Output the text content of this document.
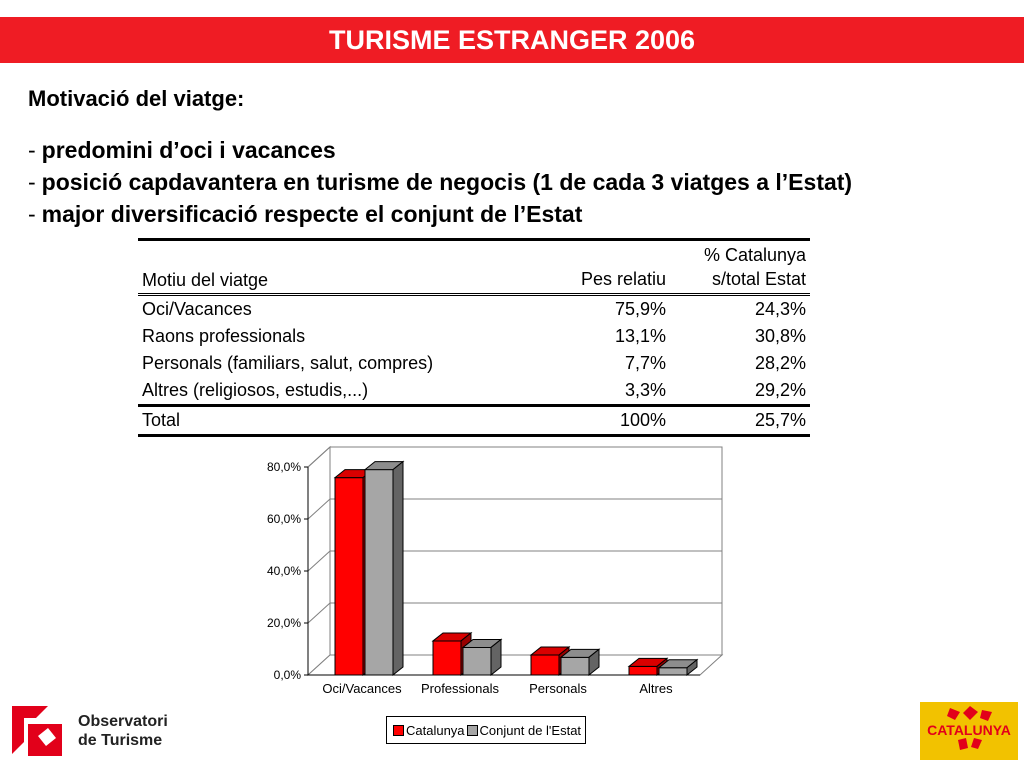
TURISME ESTRANGER 2006
Motivació del viatge:
- predomini d’oci i vacances
- posició capdavantera en turisme de negocis (1 de cada 3 viatges a l’Estat)
- major diversificació respecte el conjunt de l’Estat
Motiu del viatge	Pes relatiu	% Catalunya
s/total Estat
Oci/Vacances	75,9%	24,3%
Raons professionals	13,1%	30,8%
Personals (familiars, salut, compres)	7,7%	28,2%
Altres (religiosos, estudis,...)	3,3%	29,2%
Total	100%	25,7%
0,0%
20,0%
40,0%
60,0%
80,0%
Oci/Vacances Professionals Personals	Altres
Catalunya Conjunt de l'Estat
Observatori
de Turisme
CATALUNYA
